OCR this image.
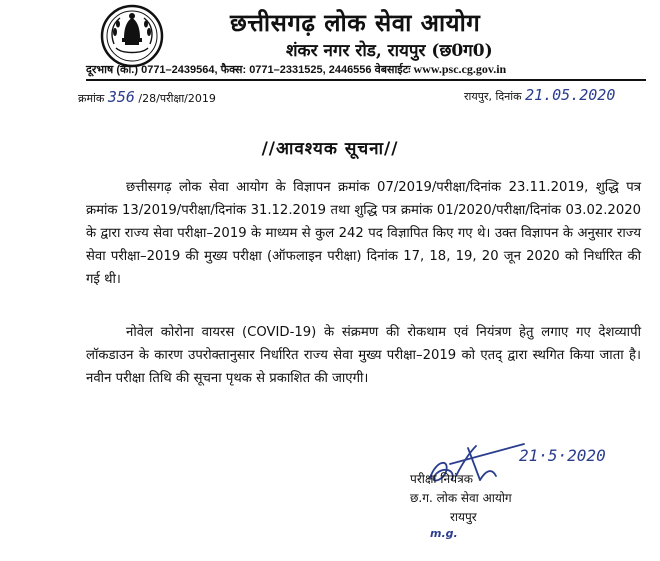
छत्तीसगढ़ लोक सेवा आयोग
शंकर नगर रोड, रायपुर (छ0ग0)
दूरभाष (का.) 0771–2439564, फैक्स: 0771–2331525, 2446556 वेबसाईटः www.psc.cg.gov.in
क्रमांक 356 /28/परीक्षा/2019	रायपुर, दिनांक 21.05.2020
//आवश्यक सूचना//
छत्तीसगढ़ लोक सेवा आयोग के विज्ञापन क्रमांक 07/2019/परीक्षा/दिनांक 23.11.2019, शुद्धि पत्र क्रमांक 13/2019/परीक्षा/दिनांक 31.12.2019 तथा शुद्धि पत्र क्रमांक 01/2020/परीक्षा/दिनांक 03.02.2020 के द्वारा राज्य सेवा परीक्षा–2019 के माध्यम से कुल 242 पद विज्ञापित किए गए थे। उक्त विज्ञापन के अनुसार राज्य सेवा परीक्षा–2019 की मुख्य परीक्षा (ऑफलाइन परीक्षा) दिनांक 17, 18, 19, 20 जून 2020 को निर्धारित की गई थी।
नोवेल कोरोना वायरस (COVID-19) के संक्रमण की रोकथाम एवं नियंत्रण हेतु लगाए गए देशव्यापी लॉकडाउन के कारण उपरोक्तानुसार निर्धारित राज्य सेवा मुख्य परीक्षा–2019 को एतद् द्वारा स्थगित किया जाता है। नवीन परीक्षा तिथि की सूचना पृथक से प्रकाशित की जाएगी।
21·5·2020
परीक्षा नियंत्रक
छ.ग. लोक सेवा आयोग
रायपुर
m.g.
